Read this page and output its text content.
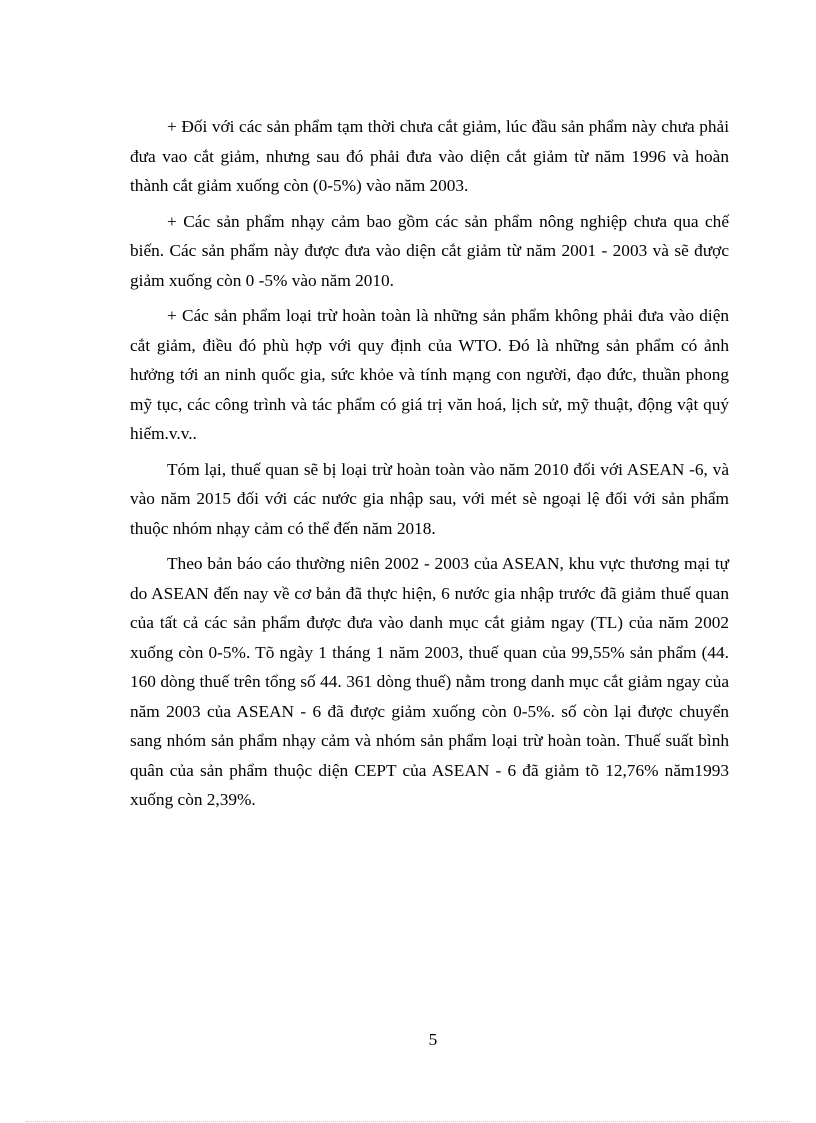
+ Đối với các sản phẩm tạm thời chưa cắt giảm, lúc đầu sản phẩm này chưa phải đưa vao cắt giảm, nhưng sau đó phải đưa vào diện cắt giảm từ năm 1996 và hoàn thành cắt giảm xuống còn (0-5%) vào năm 2003.

+ Các sản phẩm nhạy cảm bao gồm các sản phẩm nông nghiệp chưa qua chế biến. Các sản phẩm này được đưa vào diện cắt giảm từ năm 2001 - 2003 và sẽ được giảm xuống còn 0 -5% vào năm 2010.

+ Các sản phẩm loại trừ hoàn toàn là những sản phẩm không phải đưa vào diện cắt giảm, điều đó phù hợp với quy định của WTO. Đó là những sản phẩm có ảnh hưởng tới an ninh quốc gia, sức khỏe và tính mạng con người, đạo đức, thuần phong mỹ tục, các công trình và tác phẩm có giá trị văn hoá, lịch sử, mỹ thuật, động vật quý hiếm.v.v..

Tóm lại, thuế quan sẽ bị loại trừ hoàn toàn vào năm 2010 đối với ASEAN -6, và vào năm 2015 đối với các nước gia nhập sau, với mét sè ngoại lệ đối với sản phẩm thuộc nhóm nhạy cảm có thể đến năm 2018.

Theo bản báo cáo thường niên 2002 - 2003 của ASEAN, khu vực thương mại tự do ASEAN đến nay về cơ bản đã thực hiện, 6 nước gia nhập trước đã giảm thuế quan của tất cả các sản phẩm được đưa vào danh mục cắt giảm ngay (TL) của năm 2002 xuống còn 0-5%. Tõ ngày 1 tháng 1 năm 2003, thuế quan của 99,55% sản phẩm (44. 160 dòng thuế trên tổng số 44. 361 dòng thuế) nằm trong danh mục cắt giảm ngay của năm 2003 của ASEAN - 6 đã được giảm xuống còn 0-5%. số còn lại được chuyển sang nhóm sản phẩm nhạy cảm và nhóm sản phẩm loại trừ hoàn toàn. Thuế suất bình quân của sản phẩm thuộc diện CEPT của ASEAN - 6 đã giảm tõ 12,76% năm1993 xuống còn 2,39%.

5
